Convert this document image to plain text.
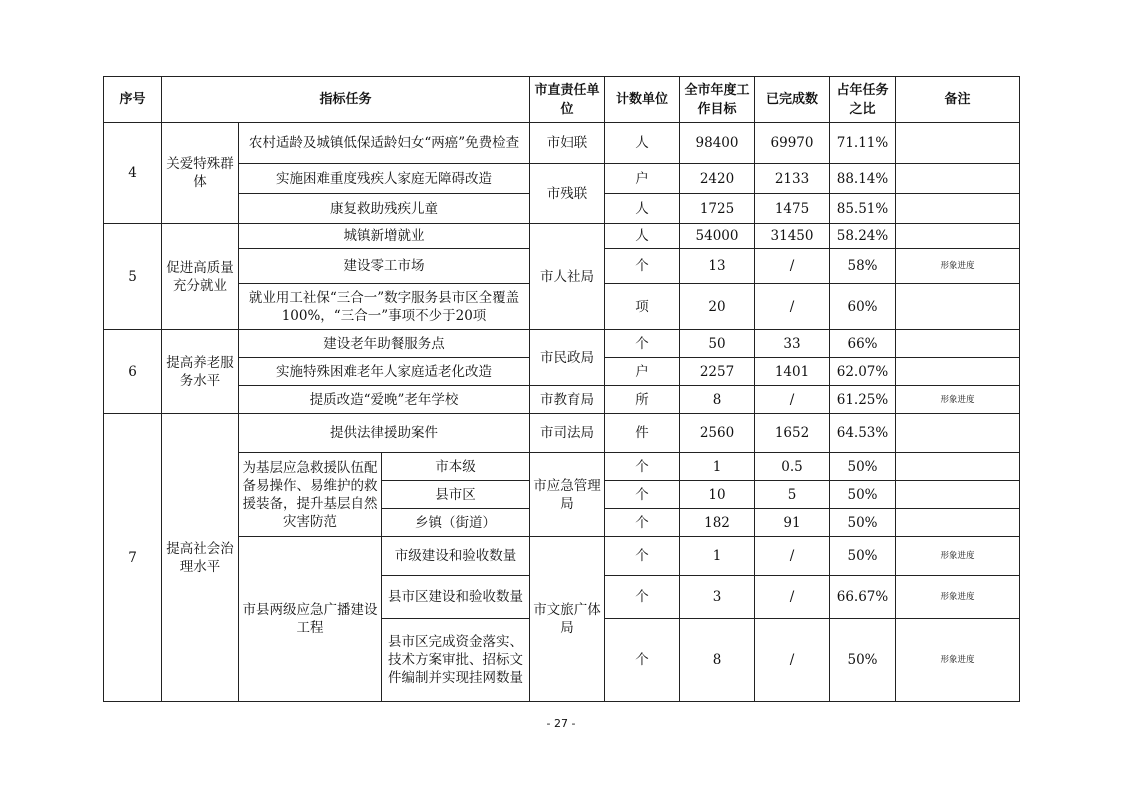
序号	指标任务			市直责任单位	计数单位	全市年度工作目标	已完成数	占年任务之比	备注
4	关爱特殊群体	农村适龄及城镇低保适龄妇女“两癌”免费检查		市妇联	人	98400	69970	71.11%	
		实施困难重度残疾人家庭无障碍改造		市残联	户	2420	2133	88.14%	
		康复救助残疾儿童			人	1725	1475	85.51%	
5	促进高质量充分就业	城镇新增就业		市人社局	人	54000	31450	58.24%	
		建设零工市场			个	13	/	58%	形象进度
		就业用工社保“三合一”数字服务县市区全覆盖100%，“三合一”事项不少于20项			项	20	/	60%	
6	提高养老服务水平	建设老年助餐服务点		市民政局	个	50	33	66%	
		实施特殊困难老年人家庭适老化改造			户	2257	1401	62.07%	
		提质改造“爱晚”老年学校		市教育局	所	8	/	61.25%	形象进度
7	提高社会治理水平	提供法律援助案件		市司法局	件	2560	1652	64.53%	
		为基层应急救援队伍配备易操作、易维护的救援装备，提升基层自然灾害防范	市本级	市应急管理局	个	1	0.5	50%	
			县市区		个	10	5	50%	
			乡镇（街道）		个	182	91	50%	
		市县两级应急广播建设工程	市级建设和验收数量	市文旅广体局	个	1	/	50%	形象进度
			县市区建设和验收数量		个	3	/	66.67%	形象进度
			县市区完成资金落实、技术方案审批、招标文件编制并实现挂网数量		个	8	/	50%	形象进度
- 27 -
